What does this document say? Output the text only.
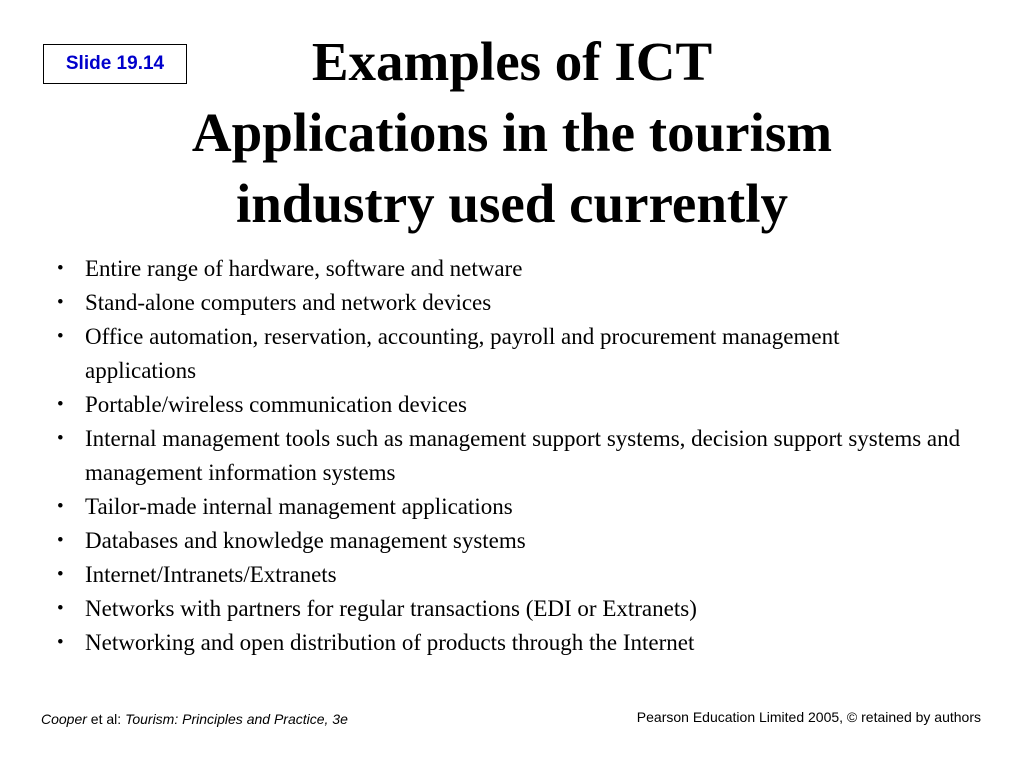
Slide 19.14	Examples of ICT
Applications in the tourism
industry used currently
• Entire range of hardware, software and netware
• Stand-alone computers and network devices
• Office automation, reservation, accounting, payroll and procurement management applications
• Portable/wireless communication devices
• Internal management tools such as management support systems, decision support systems and management information systems
• Tailor-made internal management applications
• Databases and knowledge management systems
• Internet/Intranets/Extranets
• Networks with partners for regular transactions (EDI or Extranets)
• Networking and open distribution of products through the Internet
Cooper et al: Tourism: Principles and Practice, 3e	Pearson Education Limited 2005, © retained by authors
